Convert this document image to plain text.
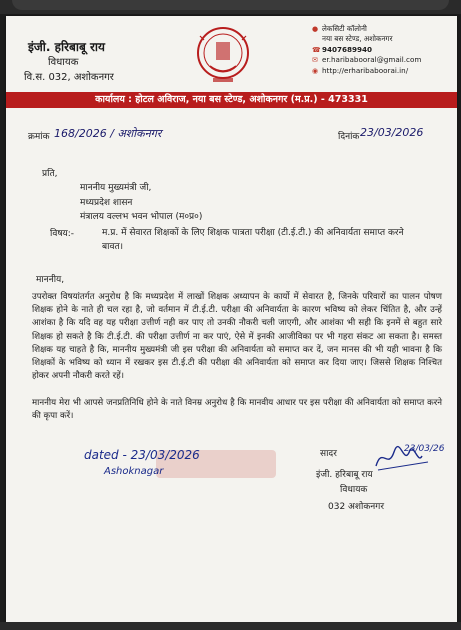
इंजी. हरिबाबू राय
विधायक
वि.स. 032, अशोकनगर
● लेकसिटी कॉलोनी
नया बस स्टेण्ड, अशोकनगर
☎ 9407689940
✉ er.haribabooral@gmail.com
◉ http://erharibaboorai.in/
कार्यालय : होटल अविराज, नया बस स्टेण्ड, अशोकनगर (म.प्र.) - 473331
क्रमांक 168/2026 / अशोकनगर	दिनांक 23/03/2026
प्रति,
माननीय मुख्यमंत्री जी,
मध्यप्रदेश शासन
मंत्रालय वल्लभ भवन भोपाल (म०प्र०)
विषय:-	म.प्र. में सेवारत शिक्षकों के लिए शिक्षक पात्रता परीक्षा (टी.ई.टी.) की अनिवार्यता समाप्त करने बावत।
माननीय,
उपरोक्त विषयांतर्गत अनुरोध है कि मध्यप्रदेश में लाखों शिक्षक अध्यापन के कार्यो में सेवारत है, जिनके परिवारों का पालन पोषण शिक्षक होने के नाते ही चल रहा है, जो वर्तमान में टी.ई.टी. परीक्षा की अनिवार्यता के कारण भविष्य को लेकर चिंतित है, और उन्हें आशंका है कि यदि वह यह परीक्षा उत्तीर्ण नही कर पाए तो उनकी नौकरी चली जाएगी, और आशंका भी सही कि इनमें से बहुत सारे शिक्षक हो सकते है कि टी.ई.टी. की परीक्षा उत्तीर्ण ना कर पाएं, ऐसे में इनकी आजीविका पर भी गहरा संकट आ सकता है। समस्त शिक्षक यह चाहते है कि, माननीय मुख्यमंत्री जी इस परीक्षा की अनिवार्यता को समाप्त कर दें, जन मानस की भी यही भावना है कि शिक्षकों के भविष्य को ध्यान में रखकर इस टी.ई.टी की परीक्षा की अनिवार्यता को समाप्त कर दिया जाए। जिससे शिक्षक निश्चित होकर अपनी नौकरी करते रहें।
माननीय मेरा भी आपसे जनप्रतिनिधि होने के नाते विनम्र अनुरोध है कि मानवीय आधार पर इस परीक्षा की अनिवार्यता को समाप्त करने की कृपा करें।
सादर
dated - 23/03/2026
Ashoknagar
23/03/26
इंजी. हरिबाबू राय
विधायक
032 अशोकनगर
